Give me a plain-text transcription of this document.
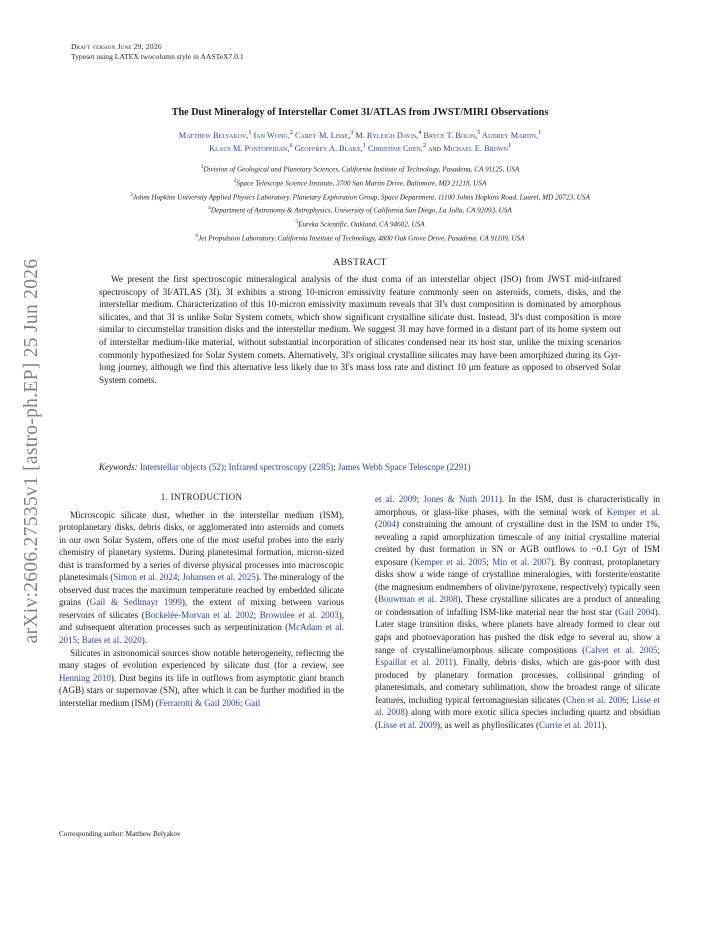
arXiv:2606.27535v1 [astro-ph.EP] 25 Jun 2026
Draft version June 29, 2026
Typeset using LATEX twocolumn style in AASTeX7.0.1
The Dust Mineralogy of Interstellar Comet 3I/ATLAS from JWST/MIRI Observations
Matthew Belyakov,$^1$ Ian Wong,$^2$ Carey M. Lisse,$^3$ M. Ryleigh Davis,$^4$ Bryce T. Bolin,$^5$ Audrey Martin,$^1$
Klaus M. Pontoppidan,$^6$ Geoffrey A. Blake,$^1$ Christine Chen,$^2$ and Michael E. Brown$^1$
$^1$Division of Geological and Planetary Sciences, California Institute of Technology, Pasadena, CA 91125, USA
$^2$Space Telescope Science Institute, 3700 San Martin Drive, Baltimore, MD 21218, USA
$^3$Johns Hopkins University Applied Physics Laboratory, Planetary Exploration Group, Space Department, 11100 Johns Hopkins Road, Laurel, MD 20723, USA
$^4$Department of Astronomy & Astrophysics, University of California San Diego, La Jolla, CA 92093, USA
$^5$Eureka Scientific, Oakland, CA 94602, USA
$^6$Jet Propulsion Laboratory, California Institute of Technology, 4800 Oak Grove Drive, Pasadena, CA 91109, USA
ABSTRACT
We present the first spectroscopic mineralogical analysis of the dust coma of an interstellar object (ISO) from JWST mid-infrared spectroscopy of 3I/ATLAS (3I). 3I exhibits a strong 10-micron emissivity feature commonly seen on asteroids, comets, disks, and the interstellar medium. Characterization of this 10-micron emissivity maximum reveals that 3I's dust composition is dominated by amorphous silicates, and that 3I is unlike Solar System comets, which show significant crystalline silicate dust. Instead, 3I's dust composition is more similar to circumstellar transition disks and the interstellar medium. We suggest 3I may have formed in a distant part of its home system out of interstellar medium-like material, without substantial incorporation of silicates condensed near its host star, unlike the mixing scenarios commonly hypothesized for Solar System comets. Alternatively, 3I's original crystalline silicates may have been amorphized during its Gyr-long journey, although we find this alternative less likely due to 3I's mass loss rate and distinct 10 μm feature as opposed to observed Solar System comets.
Keywords: Interstellar objects (52); Infrared spectroscopy (2285); James Webb Space Telescope (2291)
1. INTRODUCTION

Microscopic silicate dust, whether in the interstellar medium (ISM), protoplanetary disks, debris disks, or agglomerated into asteroids and comets in our own Solar System, offers one of the most useful probes into the early chemistry of planetary systems. During planetesimal formation, micron-sized dust is transformed by a series of diverse physical processes into macroscopic planetesimals (Simon et al. 2024; Johansen et al. 2025). The mineralogy of the observed dust traces the maximum temperature reached by embedded silicate grains (Gail & Sedlmayr 1999), the extent of mixing between various reservoirs of silicates (Bockelée-Morvan et al. 2002; Brownlee et al. 2003), and subsequent alteration processes such as serpentinization (McAdam et al. 2015; Bates et al. 2020).

Silicates in astronomical sources show notable heterogeneity, reflecting the many stages of evolution experienced by silicate dust (for a review, see Henning 2010). Dust begins its life in outflows from asymptotic giant branch (AGB) stars or supernovae (SN), after which it can be further modified in the interstellar medium (ISM) (Ferrarotti & Gail 2006; Gail

et al. 2009; Jones & Nuth 2011). In the ISM, dust is characteristically in amorphous, or glass-like phases, with the seminal work of Kemper et al. (2004) constraining the amount of crystalline dust in the ISM to under 1%, revealing a rapid amorphization timescale of any initial crystalline material created by dust formation in SN or AGB outflows to ~0.1 Gyr of ISM exposure (Kemper et al. 2005; Min et al. 2007). By contrast, protoplanetary disks show a wide range of crystalline mineralogies, with forsterite/enstatite (the magnesium endmembers of olivine/pyroxene, respectively) typically seen (Bouwman et al. 2008). These crystalline silicates are a product of annealing or condensation of infalling ISM-like material near the host star (Gail 2004). Later stage transition disks, where planets have already formed to clear out gaps and photoevaporation has pushed the disk edge to several au, show a range of crystalline/amorphous silicate compositions (Calvet et al. 2005; Espaillat et al. 2011). Finally, debris disks, which are gas-poor with dust produced by planetary formation processes, collisional grinding of planetesimals, and cometary sublimation, show the broadest range of silicate features, including typical ferromagnesian silicates (Chen et al. 2006; Lisse et al. 2008) along with more exotic silica species including quartz and obsidian (Lisse et al. 2009), as well as phyllosilicates (Currie et al. 2011).

Corresponding author: Matthew Belyakov
